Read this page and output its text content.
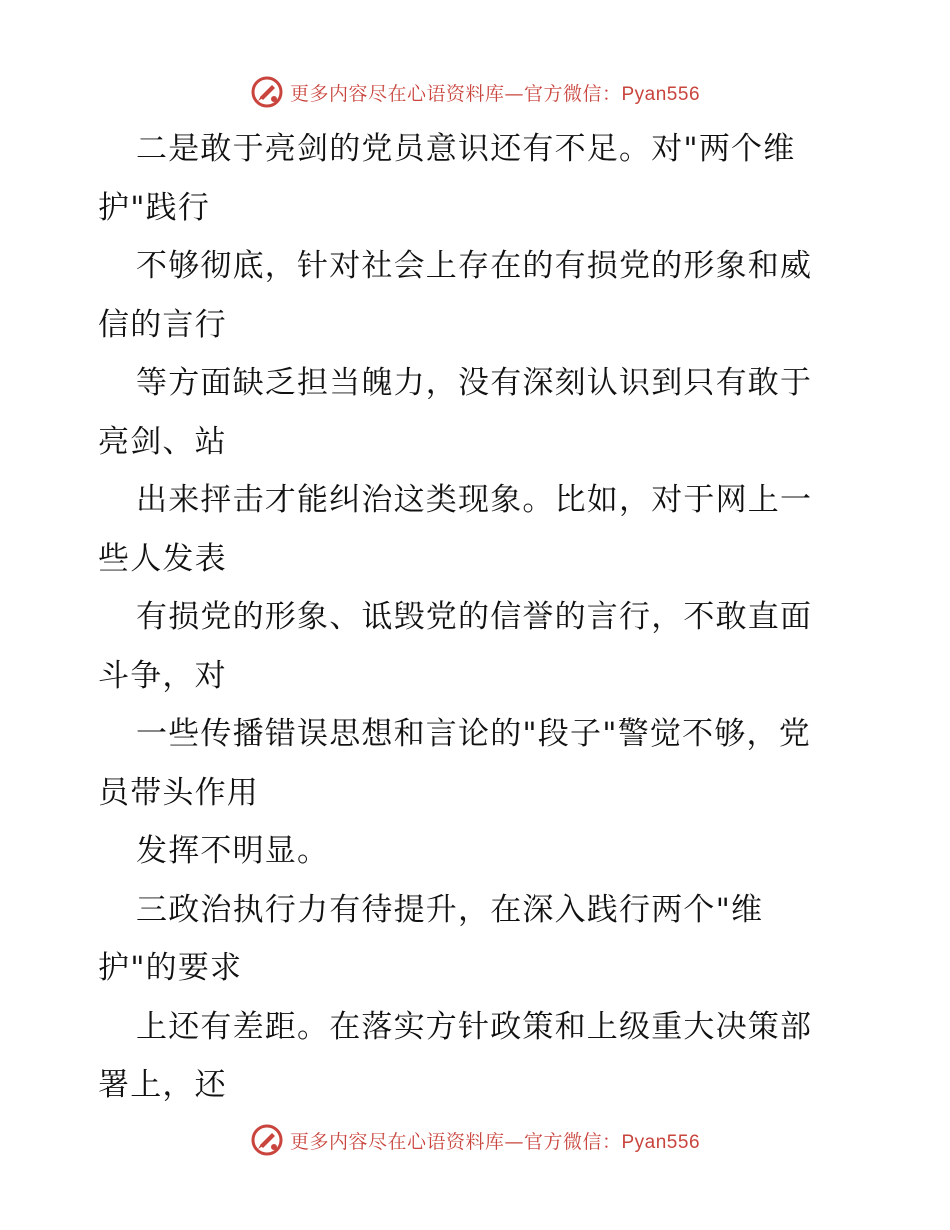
更多内容尽在心语资料库—官方微信：Pyan556
二是敢于亮剑的党员意识还有不足。对"两个维
护"践行
不够彻底，针对社会上存在的有损党的形象和威
信的言行
等方面缺乏担当魄力，没有深刻认识到只有敢于
亮剑、站
出来抨击才能纠治这类现象。比如，对于网上一
些人发表
有损党的形象、诋毁党的信誉的言行，不敢直面
斗争，对
一些传播错误思想和言论的"段子"警觉不够，党
员带头作用
发挥不明显。
三政治执行力有待提升，在深入践行两个"维
护"的要求
上还有差距。在落实方针政策和上级重大决策部
署上，还
更多内容尽在心语资料库—官方微信：Pyan556
